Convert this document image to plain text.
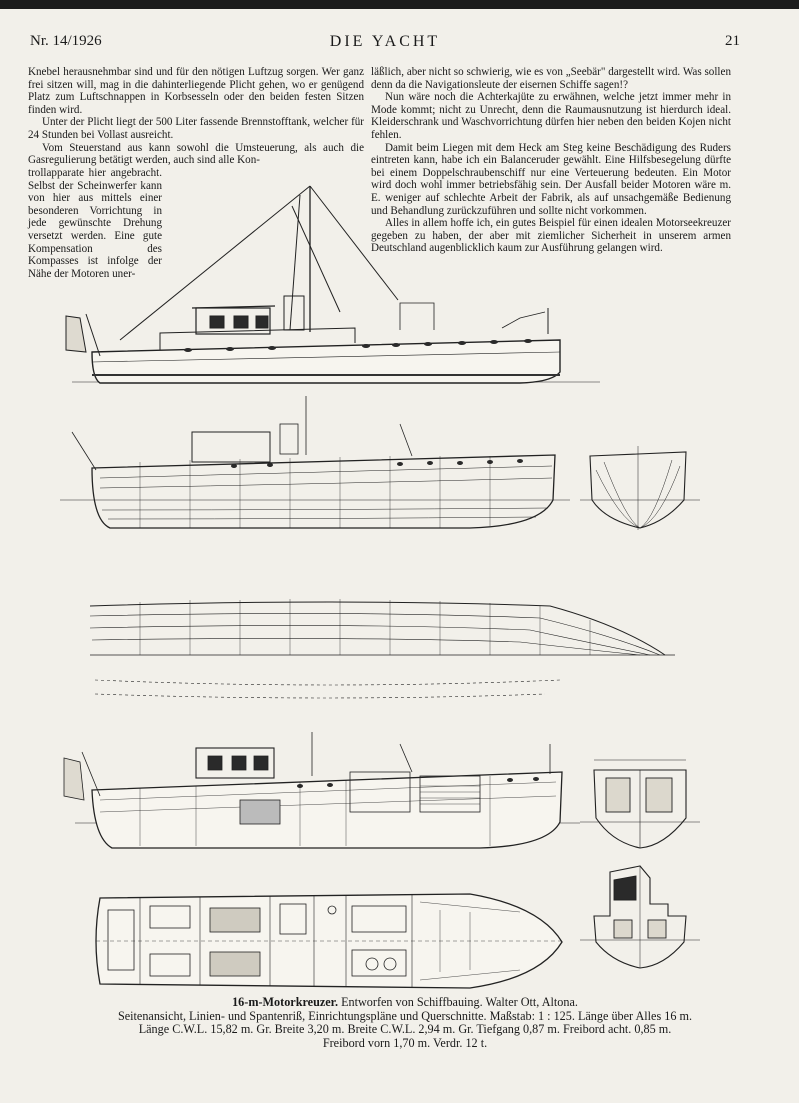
Nr. 14/1926	DIE YACHT	21

Knebel herausnehmbar sind und für den nötigen Luftzug sorgen. Wer ganz frei sitzen will, mag in die dahinterliegende Plicht gehen, wo er genügend Platz zum Luftschnappen in Korbsesseln oder den beiden festen Sitzen finden wird.

Unter der Plicht liegt der 500 Liter fassende Brennstofftank, welcher für 24 Stunden bei Vollast ausreicht.

Vom Steuerstand aus kann sowohl die Umsteuerung, als auch die Gasregulierung betätigt werden, auch sind alle Kon-

trollapparate hier angebracht. Selbst der Scheinwerfer kann von hier aus mittels einer besonderen Vorrichtung in jede gewünschte Drehung versetzt werden. Eine gute Kompensation des Kompasses ist infolge der Nähe der Motoren uner-

läßlich, aber nicht so schwierig, wie es von „Seebär" dargestellt wird. Was sollen denn da die Navigationsleute der eisernen Schiffe sagen!?

Nun wäre noch die Achterkajüte zu erwähnen, welche jetzt immer mehr in Mode kommt; nicht zu Unrecht, denn die Raumausnutzung ist hierdurch ideal. Kleiderschrank und Waschvorrichtung dürfen hier neben den beiden Kojen nicht fehlen.

Damit beim Liegen mit dem Heck am Steg keine Beschädigung des Ruders eintreten kann, habe ich ein Balanceruder gewählt. Eine Hilfsbesegelung dürfte bei einem Doppelschraubenschiff nur eine Verteuerung bedeuten. Ein Motor wird doch wohl immer betriebsfähig sein. Der Ausfall beider Motoren wäre m. E. weniger auf schlechte Arbeit der Fabrik, als auf unsachgemäße Bedienung und Behandlung zurückzuführen und sollte nicht vorkommen.

Alles in allem hoffe ich, ein gutes Beispiel für einen idealen Motorseekreuzer gegeben zu haben, der aber mit ziemlicher Sicherheit in unserem armen Deutschland augenblicklich kaum zur Ausführung gelangen wird.

16-m-Motorkreuzer. Entworfen von Schiffbauing. Walter Ott, Altona.
Seitenansicht, Linien- und Spantenriß, Einrichtungspläne und Querschnitte. Maßstab: 1 : 125. Länge über Alles 16 m.
Länge C.W.L. 15,82 m. Gr. Breite 3,20 m. Breite C.W.L. 2,94 m. Gr. Tiefgang 0,87 m. Freibord acht. 0,85 m.
Freibord vorn 1,70 m. Verdr. 12 t.
